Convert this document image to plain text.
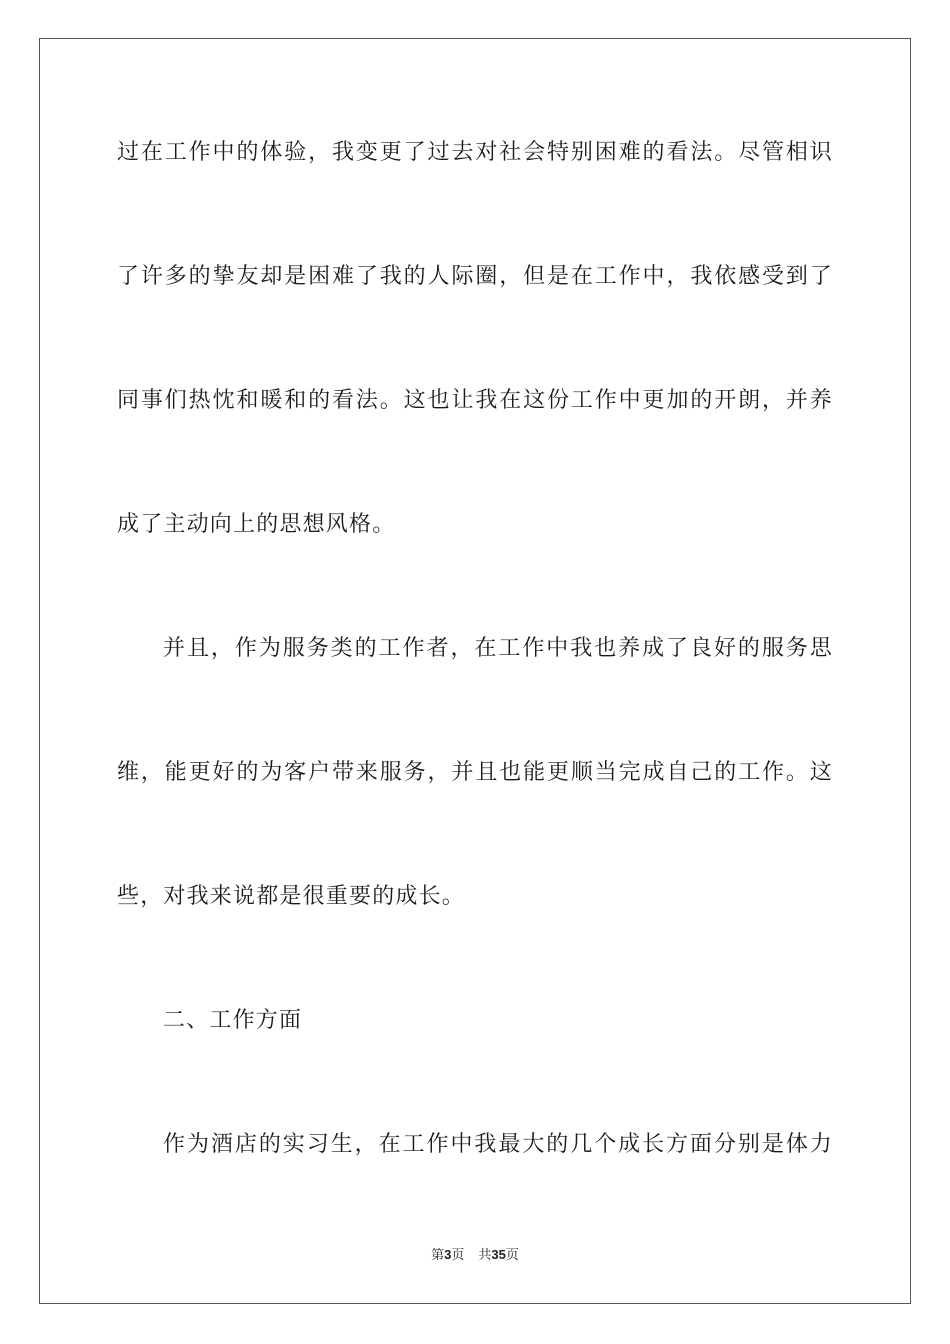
过在工作中的体验，我变更了过去对社会特别困难的看法。尽管相识
了许多的挚友却是困难了我的人际圈，但是在工作中，我依感受到了
同事们热忱和暖和的看法。这也让我在这份工作中更加的开朗，并养
成了主动向上的思想风格。
并且，作为服务类的工作者，在工作中我也养成了良好的服务思
维，能更好的为客户带来服务，并且也能更顺当完成自己的工作。这
些，对我来说都是很重要的成长。
二、工作方面
作为酒店的实习生，在工作中我最大的几个成长方面分别是体力
第3页 共35页
